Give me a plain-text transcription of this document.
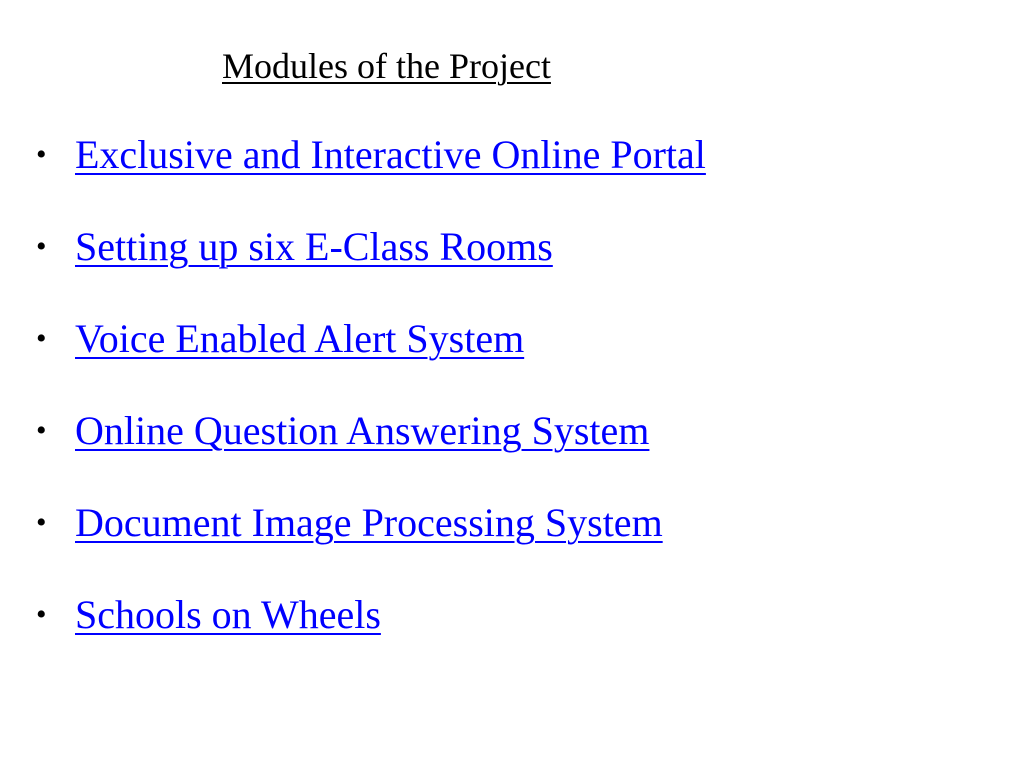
Modules of the Project
• Exclusive and Interactive Online Portal
• Setting up six E-Class Rooms
• Voice Enabled Alert System
• Online Question Answering System
• Document Image Processing System
• Schools on Wheels
